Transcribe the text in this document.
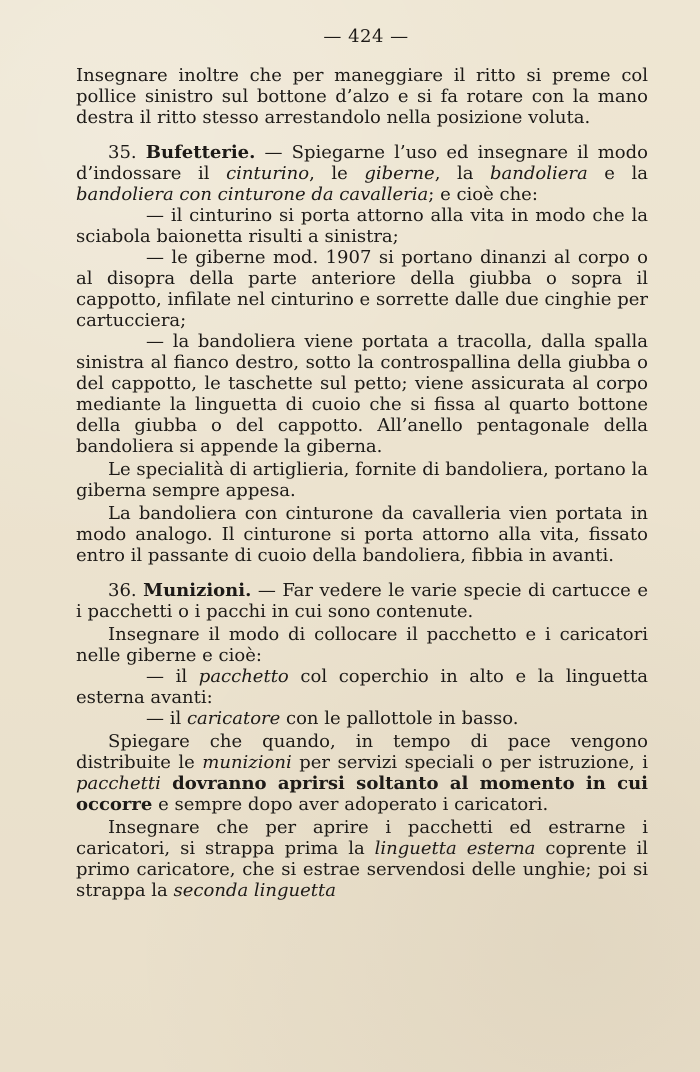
— 424 —

Insegnare inoltre che per maneggiare il ritto si preme col pollice sinistro sul bottone d’alzo e si fa rotare con la mano destra il ritto stesso arrestandolo nella posizione voluta.

35. Bufetterie. — Spiegarne l’uso ed insegnare il modo d’indossare il cinturino, le giberne, la bandoliera e la bandoliera con cinturone da cavalleria; e cioè che:

— il cinturino si porta attorno alla vita in modo che la sciabola baionetta risulti a sinistra;

— le giberne mod. 1907 si portano dinanzi al corpo o al disopra della parte anteriore della giubba o sopra il cappotto, infilate nel cinturino e sorrette dalle due cinghie per cartucciera;

— la bandoliera viene portata a tracolla, dalla spalla sinistra al fianco destro, sotto la controspallina della giubba o del cappotto, le taschette sul petto; viene assicurata al corpo mediante la linguetta di cuoio che si fissa al quarto bottone della giubba o del cappotto. All’anello pentagonale della bandoliera si appende la giberna.

Le specialità di artiglieria, fornite di bandoliera, portano la giberna sempre appesa.

La bandoliera con cinturone da cavalleria vien portata in modo analogo. Il cinturone si porta attorno alla vita, fissato entro il passante di cuoio della bandoliera, fibbia in avanti.

36. Munizioni. — Far vedere le varie specie di cartucce e i pacchetti o i pacchi in cui sono contenute.

Insegnare il modo di collocare il pacchetto e i caricatori nelle giberne e cioè:

— il pacchetto col coperchio in alto e la linguetta esterna avanti:

— il caricatore con le pallottole in basso.

Spiegare che quando, in tempo di pace vengono distribuite le munizioni per servizi speciali o per istruzione, i pacchetti dovranno aprirsi soltanto al momento in cui occorre e sempre dopo aver adoperato i caricatori.

Insegnare che per aprire i pacchetti ed estrarne i caricatori, si strappa prima la linguetta esterna coprente il primo caricatore, che si estrae servendosi delle unghie; poi si strappa la seconda linguetta
